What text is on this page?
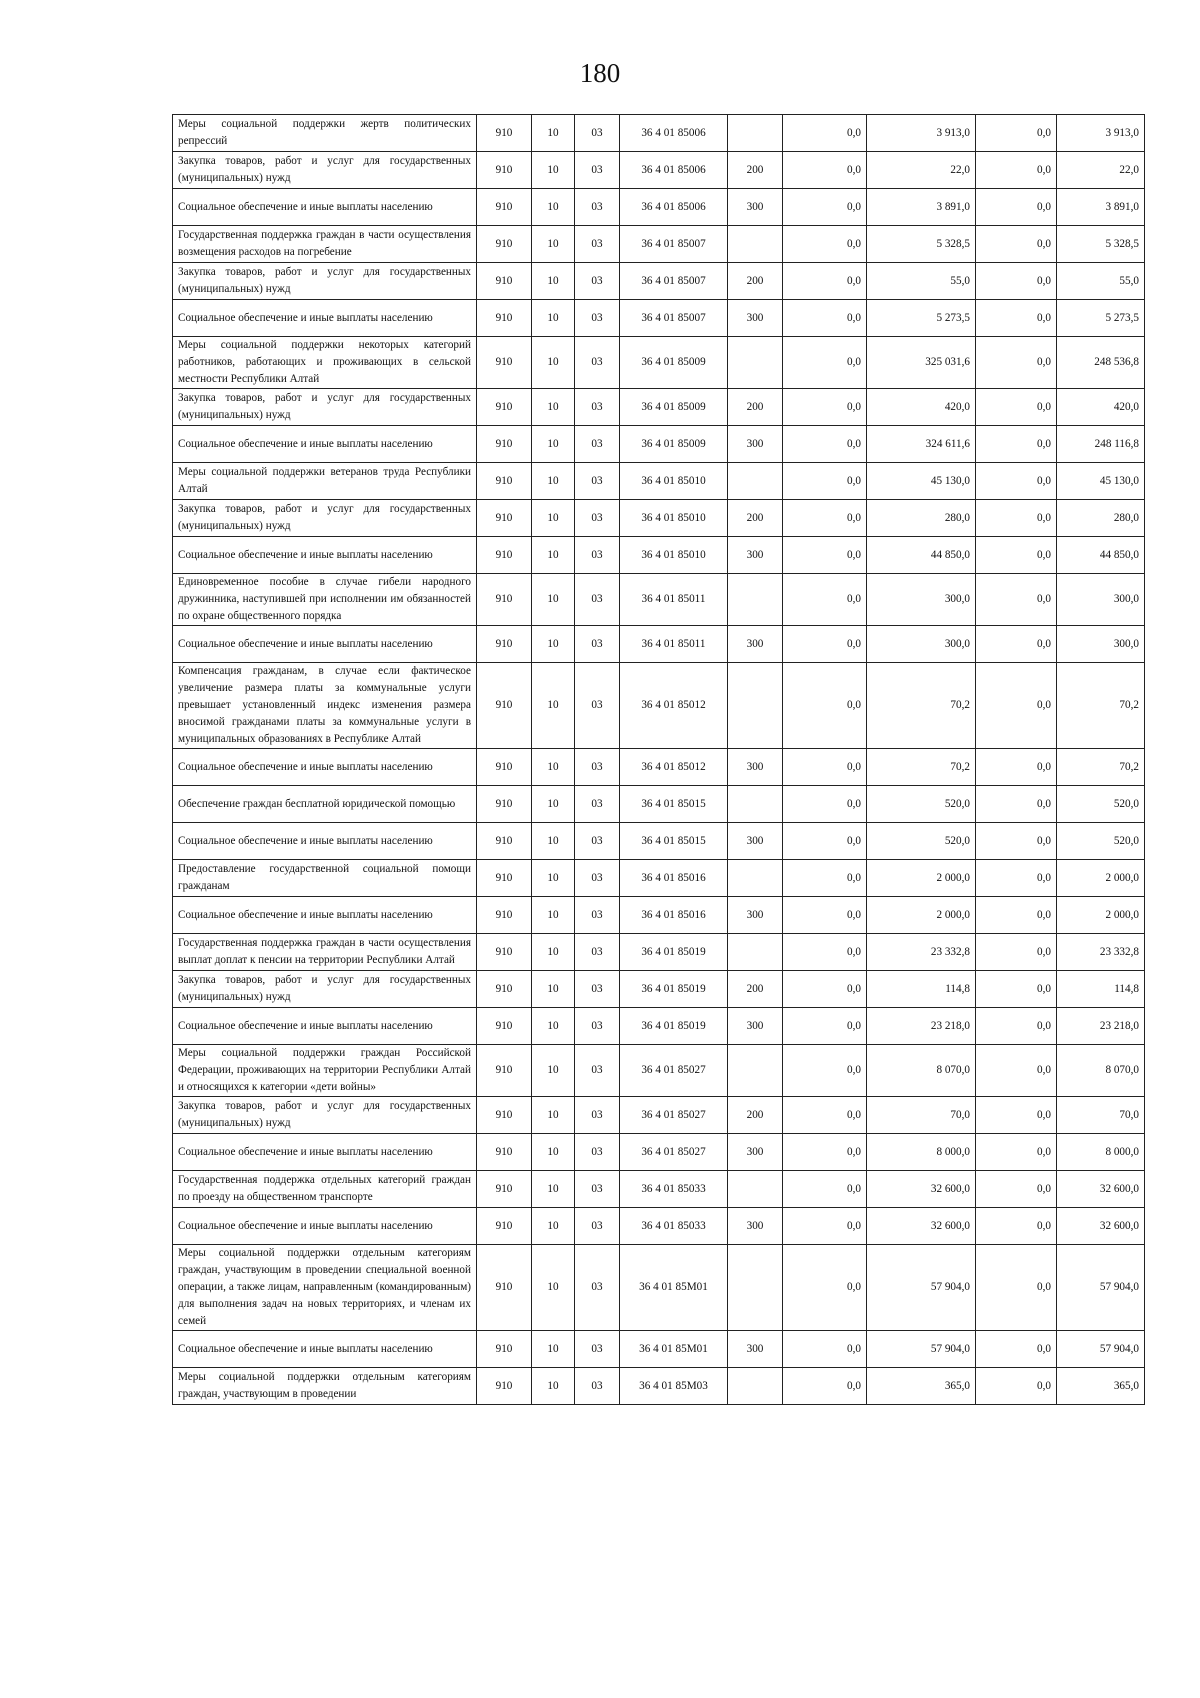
180
Меры социальной поддержки жертв политических репрессий	910	10	03	36 4 01 85006		0,0	3 913,0	0,0	3 913,0
Закупка товаров, работ и услуг для государственных (муниципальных) нужд	910	10	03	36 4 01 85006	200	0,0	22,0	0,0	22,0
Социальное обеспечение и иные выплаты населению	910	10	03	36 4 01 85006	300	0,0	3 891,0	0,0	3 891,0
Государственная поддержка граждан в части осуществления возмещения расходов на погребение	910	10	03	36 4 01 85007		0,0	5 328,5	0,0	5 328,5
Закупка товаров, работ и услуг для государственных (муниципальных) нужд	910	10	03	36 4 01 85007	200	0,0	55,0	0,0	55,0
Социальное обеспечение и иные выплаты населению	910	10	03	36 4 01 85007	300	0,0	5 273,5	0,0	5 273,5
Меры социальной поддержки некоторых категорий работников, работающих и проживающих в сельской местности Республики Алтай	910	10	03	36 4 01 85009		0,0	325 031,6	0,0	248 536,8
Закупка товаров, работ и услуг для государственных (муниципальных) нужд	910	10	03	36 4 01 85009	200	0,0	420,0	0,0	420,0
Социальное обеспечение и иные выплаты населению	910	10	03	36 4 01 85009	300	0,0	324 611,6	0,0	248 116,8
Меры социальной поддержки ветеранов труда Республики Алтай	910	10	03	36 4 01 85010		0,0	45 130,0	0,0	45 130,0
Закупка товаров, работ и услуг для государственных (муниципальных) нужд	910	10	03	36 4 01 85010	200	0,0	280,0	0,0	280,0
Социальное обеспечение и иные выплаты населению	910	10	03	36 4 01 85010	300	0,0	44 850,0	0,0	44 850,0
Единовременное пособие в случае гибели народного дружинника, наступившей при исполнении им обязанностей по охране общественного порядка	910	10	03	36 4 01 85011		0,0	300,0	0,0	300,0
Социальное обеспечение и иные выплаты населению	910	10	03	36 4 01 85011	300	0,0	300,0	0,0	300,0
Компенсация гражданам, в случае если фактическое увеличение размера платы за коммунальные услуги превышает установленный индекс изменения размера вносимой гражданами платы за коммунальные услуги в муниципальных образованиях в Республике Алтай	910	10	03	36 4 01 85012		0,0	70,2	0,0	70,2
Социальное обеспечение и иные выплаты населению	910	10	03	36 4 01 85012	300	0,0	70,2	0,0	70,2
Обеспечение граждан бесплатной юридической помощью	910	10	03	36 4 01 85015		0,0	520,0	0,0	520,0
Социальное обеспечение и иные выплаты населению	910	10	03	36 4 01 85015	300	0,0	520,0	0,0	520,0
Предоставление государственной социальной помощи гражданам	910	10	03	36 4 01 85016		0,0	2 000,0	0,0	2 000,0
Социальное обеспечение и иные выплаты населению	910	10	03	36 4 01 85016	300	0,0	2 000,0	0,0	2 000,0
Государственная поддержка граждан в части осуществления выплат доплат к пенсии на территории Республики Алтай	910	10	03	36 4 01 85019		0,0	23 332,8	0,0	23 332,8
Закупка товаров, работ и услуг для государственных (муниципальных) нужд	910	10	03	36 4 01 85019	200	0,0	114,8	0,0	114,8
Социальное обеспечение и иные выплаты населению	910	10	03	36 4 01 85019	300	0,0	23 218,0	0,0	23 218,0
Меры социальной поддержки граждан Российской Федерации, проживающих на территории Республики Алтай и относящихся к категории «дети войны»	910	10	03	36 4 01 85027		0,0	8 070,0	0,0	8 070,0
Закупка товаров, работ и услуг для государственных (муниципальных) нужд	910	10	03	36 4 01 85027	200	0,0	70,0	0,0	70,0
Социальное обеспечение и иные выплаты населению	910	10	03	36 4 01 85027	300	0,0	8 000,0	0,0	8 000,0
Государственная поддержка отдельных категорий граждан по проезду на общественном транспорте	910	10	03	36 4 01 85033		0,0	32 600,0	0,0	32 600,0
Социальное обеспечение и иные выплаты населению	910	10	03	36 4 01 85033	300	0,0	32 600,0	0,0	32 600,0
Меры социальной поддержки отдельным категориям граждан, участвующим в проведении специальной военной операции, а также лицам, направленным (командированным) для выполнения задач на новых территориях, и членам их семей	910	10	03	36 4 01 85М01		0,0	57 904,0	0,0	57 904,0
Социальное обеспечение и иные выплаты населению	910	10	03	36 4 01 85М01	300	0,0	57 904,0	0,0	57 904,0
Меры социальной поддержки отдельным категориям граждан, участвующим в проведении	910	10	03	36 4 01 85М03		0,0	365,0	0,0	365,0
